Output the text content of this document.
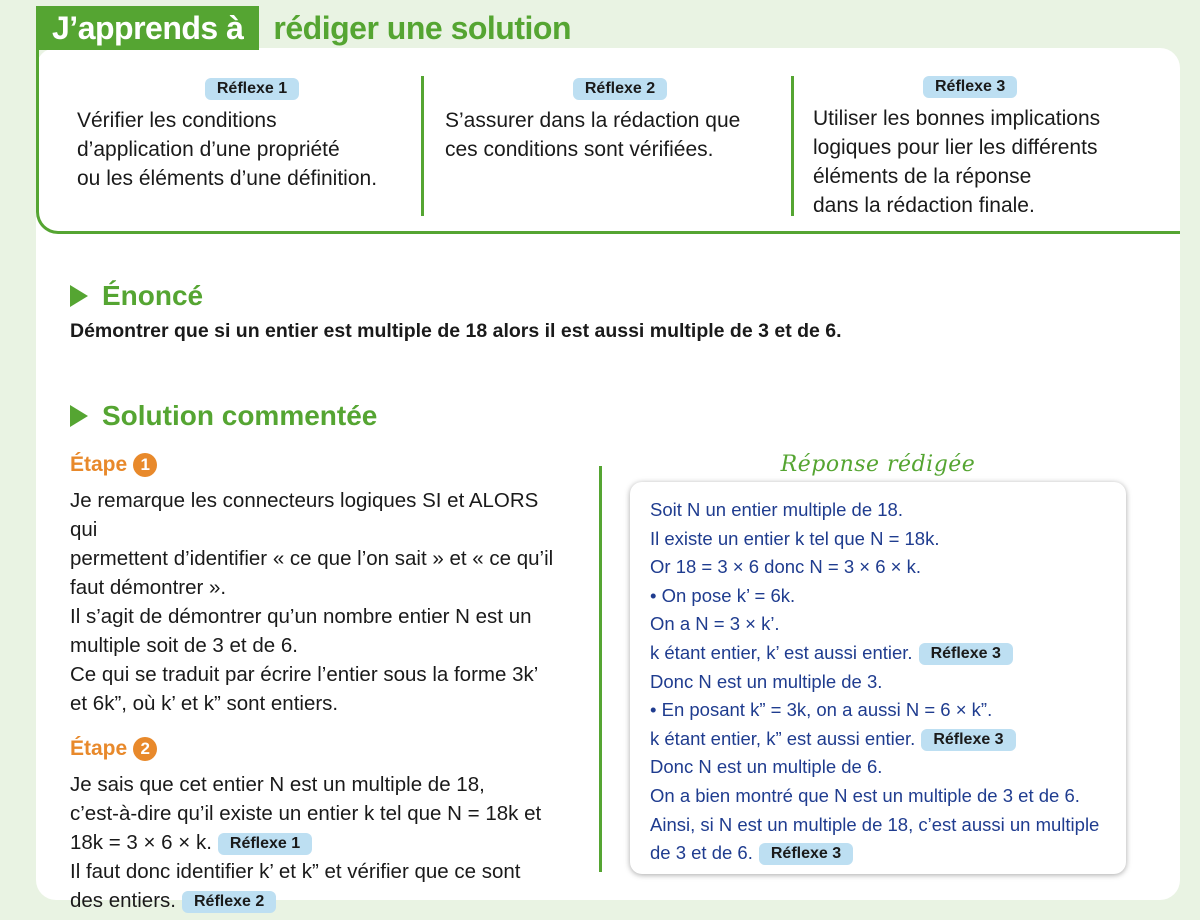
J’apprends à rédiger une solution
Réflexe 1
Vérifier les conditions
d’application d’une propriété
ou les éléments d’une définition.
Réflexe 2
S’assurer dans la rédaction que
ces conditions sont vérifiées.
Réflexe 3
Utiliser les bonnes implications
logiques pour lier les différents
éléments de la réponse
dans la rédaction finale.
Énoncé
Démontrer que si un entier est multiple de 18 alors il est aussi multiple de 3 et de 6.
Solution commentée
Étape 1
Je remarque les connecteurs logiques SI et ALORS qui
permettent d’identifier « ce que l’on sait » et « ce qu’il
faut démontrer ».
Il s’agit de démontrer qu’un nombre entier N est un
multiple soit de 3 et de 6.
Ce qui se traduit par écrire l’entier sous la forme 3k’
et 6k”, où k’ et k” sont entiers.
Étape 2
Je sais que cet entier N est un multiple de 18,
c’est-à-dire qu’il existe un entier k tel que N = 18k et
18k = 3 × 6 × k. Réflexe 1
Il faut donc identifier k’ et k” et vérifier que ce sont
des entiers. Réflexe 2
Réponse rédigée
Soit N un entier multiple de 18.
Il existe un entier k tel que N = 18k.
Or 18 = 3 × 6 donc N = 3 × 6 × k.
• On pose k’ = 6k.
On a N = 3 × k’.
k étant entier, k’ est aussi entier. Réflexe 3
Donc N est un multiple de 3.
• En posant k” = 3k, on a aussi N = 6 × k”.
k étant entier, k” est aussi entier. Réflexe 3
Donc N est un multiple de 6.
On a bien montré que N est un multiple de 3 et de 6.
Ainsi, si N est un multiple de 18, c’est aussi un multiple
de 3 et de 6. Réflexe 3
